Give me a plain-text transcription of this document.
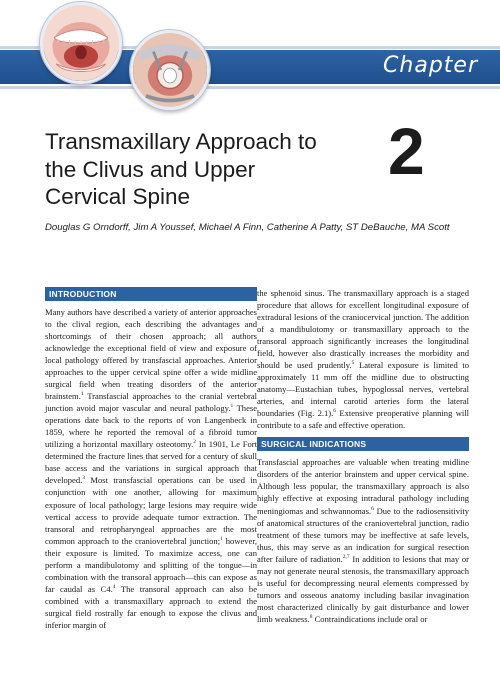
Chapter
Transmaxillary Approach to
the Clivus and Upper
Cervical Spine
2
Douglas G Orndorff, Jim A Youssef, Michael A Finn, Catherine A Patty, ST DeBauche, MA Scott
INTRODUCTION

Many authors have described a variety of anterior approaches to the clival region, each describing the advantages and shortcomings of their chosen approach; all authors acknowledge the exceptional field of view and exposure of local pathology offered by transfascial approaches. Anterior approaches to the upper cervical spine offer a wide midline surgical field when treating disorders of the anterior brainstem.$^1$ Transfascial approaches to the cranial vertebral junction avoid major vascular and neural pathology.$^1$ These operations date back to the reports of von Langenbeck in 1859, where he reported the removal of a fibroid tumor utilizing a horizontal maxillary osteotomy.$^2$ In 1901, Le Fort determined the fracture lines that served for a century of skull base access and the variations in surgical approach that developed.$^3$ Most transfascial operations can be used in conjunction with one another, allowing for maximum exposure of local pathology; large lesions may require wide vertical access to provide adequate tumor extraction. The transoral and retropharyngeal approaches are the most common approach to the craniovertebral junction;$^1$ however, their exposure is limited. To maximize access, one can perform a mandibulotomy and splitting of the tongue—in combination with the transoral approach—this can expose as far caudal as C4.$^4$ The transoral approach can also be combined with a transmaxillary approach to extend the surgical field rostrally far enough to expose the clivus and inferior margin of

the sphenoid sinus. The transmaxillary approach is a staged procedure that allows for excellent longitudinal exposure of extradural lesions of the craniocervical junction. The addition of a mandibulotomy or transmaxillary approach to the transoral approach significantly increases the longitudinal field, however also drastically increases the morbidity and should be used prudently.$^5$ Lateral exposure is limited to approximately 11 mm off the midline due to obstructing anatomy—Eustachian tubes, hypoglossal nerves, vertebral arteries, and internal carotid arteries form the lateral boundaries (Fig. 2.1).$^6$ Extensive preoperative planning will contribute to a safe and effective operation.

SURGICAL INDICATIONS

Transfascial approaches are valuable when treating midline disorders of the anterior brainstem and upper cervical spine. Although less popular, the transmaxillary approach is also highly effective at exposing intradural pathology including meningiomas and schwannomas.$^6$ Due to the radiosensitivity of anatomical structures of the craniovertebral junction, radio treatment of these tumors may be ineffective at safe levels, thus, this may serve as an indication for surgical resection after failure of radiation.$^{2,7}$ In addition to lesions that may or may not generate neural stenosis, the transmaxillary approach is useful for decompressing neural elements compressed by tumors and osseous anatomy including basilar invagination most characterized clinically by gait disturbance and lower limb weakness.$^8$ Contraindications include oral or
